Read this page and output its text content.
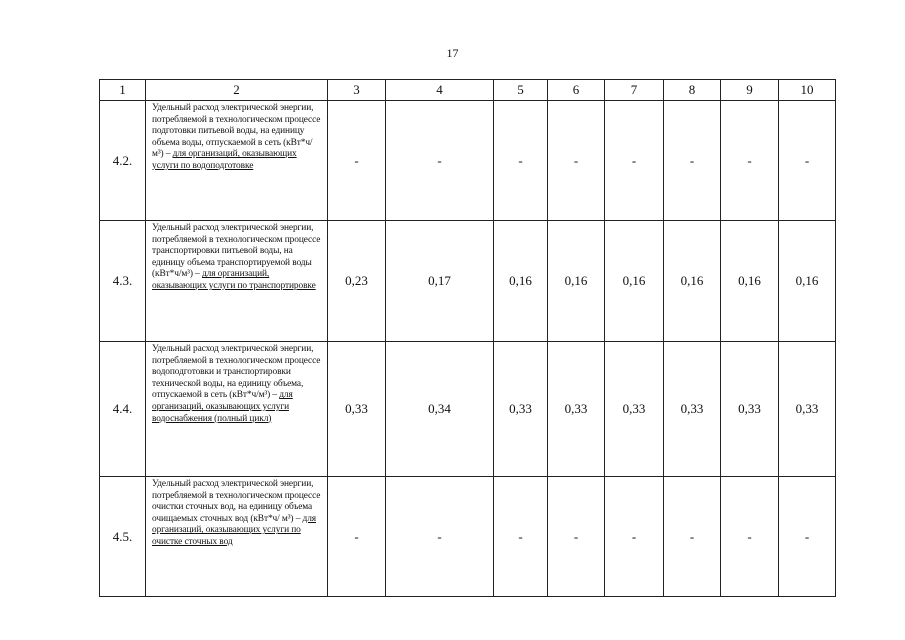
17
1	2	3	4	5	6	7	8	9	10
4.2.	Удельный расход электрической энергии, потребляемой в технологическом процессе подготовки питьевой воды, на единицу объема воды, отпускаемой в сеть (кВт*ч/м³) – для организаций, оказывающих услуги по водоподготовке	-	-	-	-	-	-	-	-
4.3.	Удельный расход электрической энергии, потребляемой в технологическом процессе транспортировки питьевой воды, на единицу объема транспортируемой воды (кВт*ч/м³) – для организаций, оказывающих услуги по транспортировке	0,23	0,17	0,16	0,16	0,16	0,16	0,16	0,16
4.4.	Удельный расход электрической энергии, потребляемой в технологическом процессе водоподготовки и транспортировки технической воды, на единицу объема, отпускаемой в сеть (кВт*ч/м³) – для организаций, оказывающих услуги водоснабжения (полный цикл)	0,33	0,34	0,33	0,33	0,33	0,33	0,33	0,33
4.5.	Удельный расход электрической энергии, потребляемой в технологическом процессе очистки сточных вод, на единицу объема очищаемых сточных вод (кВт*ч/ м³) – для организаций, оказывающих услуги по очистке сточных вод	-	-	-	-	-	-	-	-
